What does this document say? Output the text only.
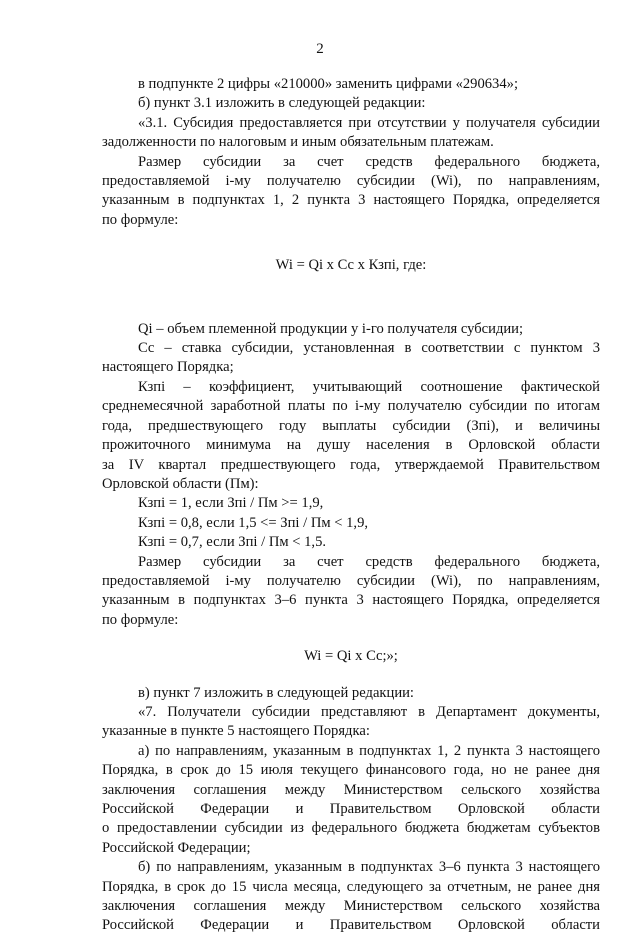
2

в подпункте 2 цифры «210000» заменить цифрами «290634»;

б) пункт 3.1 изложить в следующей редакции:

«3.1. Субсидия предоставляется при отсутствии у получателя субсидии

задолженности по налоговым и иным обязательным платежам.

Размер субсидии за счет средств федерального бюджета,

предоставляемой i-му получателю субсидии (Wi), по направлениям,

указанным в подпунктах 1, 2 пункта 3 настоящего Порядка, определяется

по формуле:

Wi = Qi х Сс х Кзпi, где:

Qi – объем племенной продукции у i-го получателя субсидии;

Сс – ставка субсидии, установленная в соответствии с пунктом 3

настоящего Порядка;

Кзпi – коэффициент, учитывающий соотношение фактической

среднемесячной заработной платы по i-му получателю субсидии по итогам

года, предшествующего году выплаты субсидии (Зпi), и величины

прожиточного минимума на душу населения в Орловской области

за IV квартал предшествующего года, утверждаемой Правительством

Орловской области (Пм):

Кзпi = 1, если Зпi / Пм >= 1,9,

Кзпi = 0,8, если 1,5 <= Зпi / Пм < 1,9,

Кзпi = 0,7, если Зпi / Пм < 1,5.

Размер субсидии за счет средств федерального бюджета,

предоставляемой i-му получателю субсидии (Wi), по направлениям,

указанным в подпунктах 3–6 пункта 3 настоящего Порядка, определяется

по формуле:

Wi = Qi х Сс;»;

в) пункт 7 изложить в следующей редакции:

«7. Получатели субсидии представляют в Департамент документы,

указанные в пункте 5 настоящего Порядка:

а) по направлениям, указанным в подпунктах 1, 2 пункта 3 настоящего

Порядка, в срок до 15 июля текущего финансового года, но не ранее дня

заключения соглашения между Министерством сельского хозяйства

Российской Федерации и Правительством Орловской области

о предоставлении субсидии из федерального бюджета бюджетам субъектов

Российской Федерации;

б) по направлениям, указанным в подпунктах 3–6 пункта 3 настоящего

Порядка, в срок до 15 числа месяца, следующего за отчетным, не ранее дня

заключения соглашения между Министерством сельского хозяйства

Российской Федерации и Правительством Орловской области
